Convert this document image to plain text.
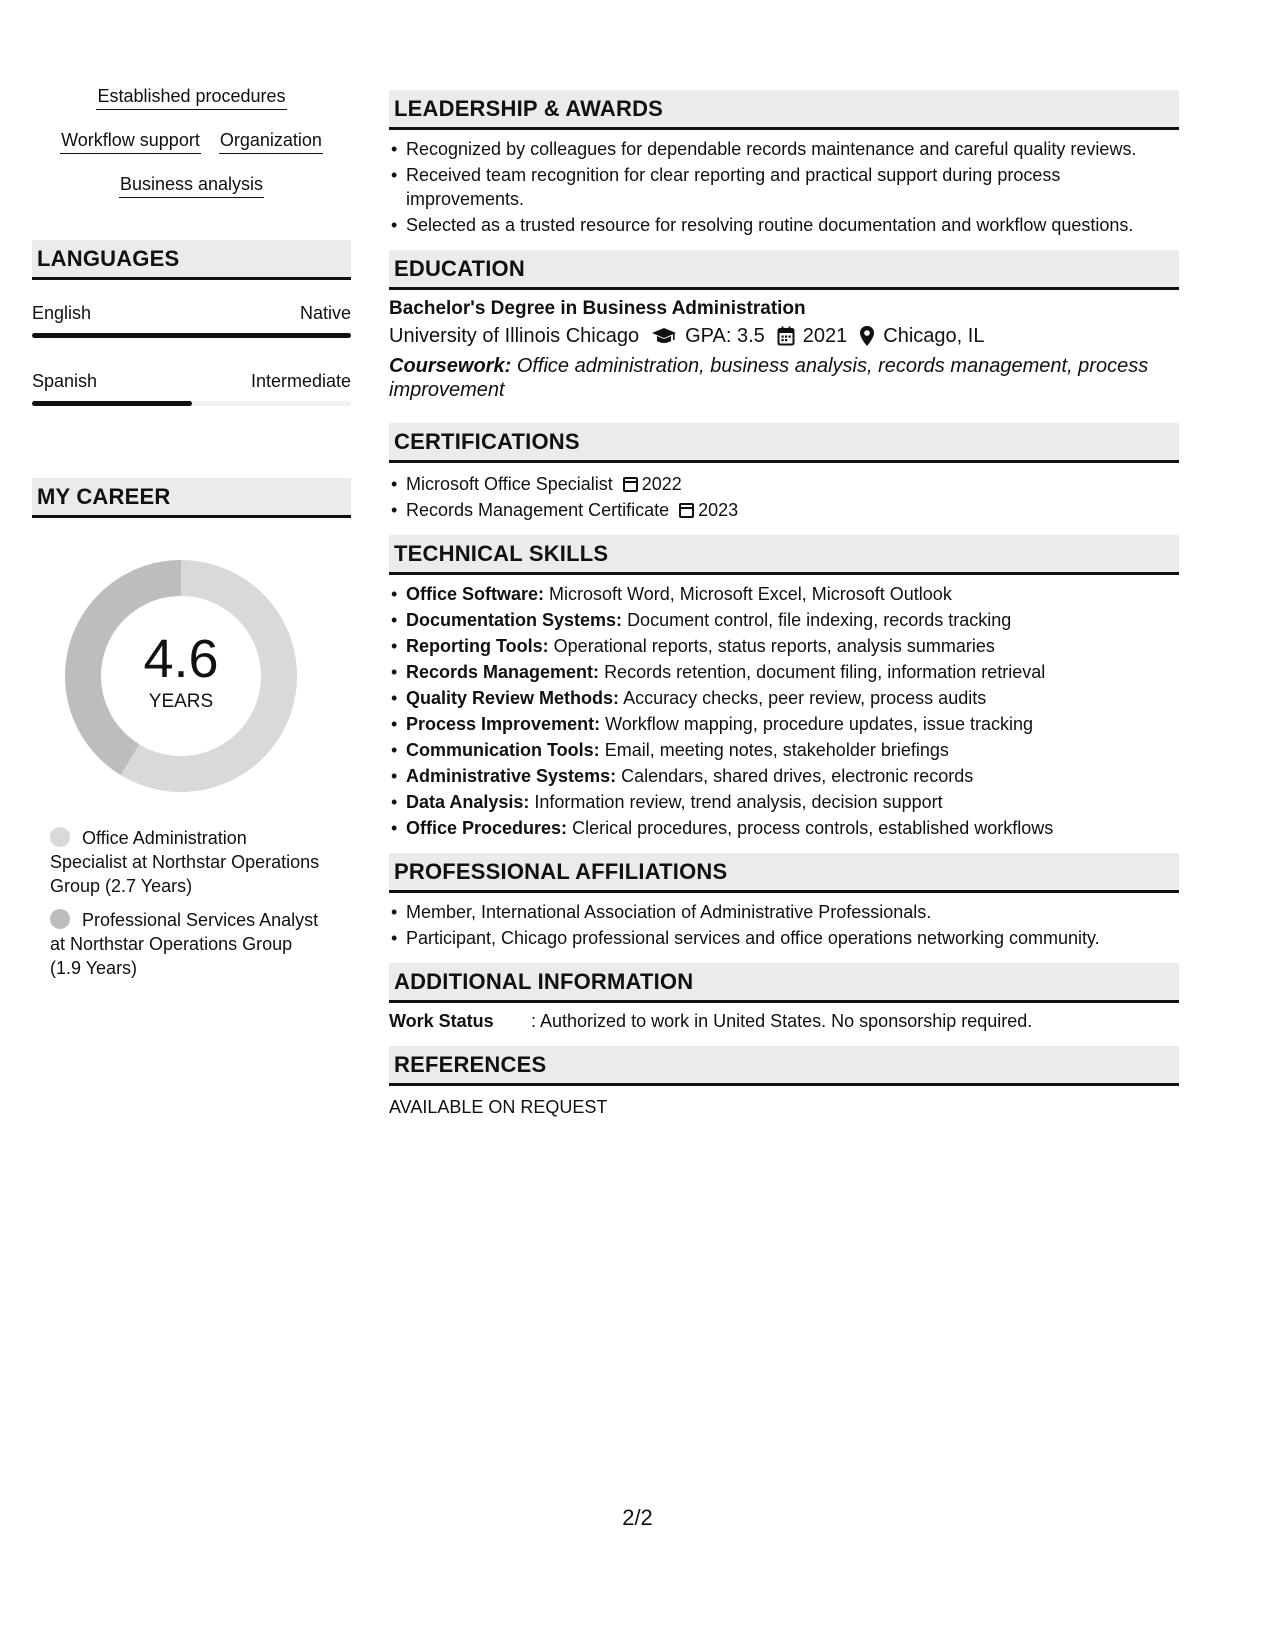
Established procedures
Workflow support Organization
Business analysis
LANGUAGES
English	Native
Spanish	Intermediate
MY CAREER
4.6
YEARS
Office Administration Specialist at Northstar Operations Group (2.7 Years)
Professional Services Analyst at Northstar Operations Group (1.9 Years)
LEADERSHIP & AWARDS
• Recognized by colleagues for dependable records maintenance and careful quality reviews.
• Received team recognition for clear reporting and practical support during process improvements.
• Selected as a trusted resource for resolving routine documentation and workflow questions.
EDUCATION
Bachelor's Degree in Business Administration
University of Illinois Chicago GPA: 3.5 2021 Chicago, IL
Coursework: Office administration, business analysis, records management, process improvement
CERTIFICATIONS
• Microsoft Office Specialist 2022
• Records Management Certificate 2023
TECHNICAL SKILLS
• Office Software: Microsoft Word, Microsoft Excel, Microsoft Outlook
• Documentation Systems: Document control, file indexing, records tracking
• Reporting Tools: Operational reports, status reports, analysis summaries
• Records Management: Records retention, document filing, information retrieval
• Quality Review Methods: Accuracy checks, peer review, process audits
• Process Improvement: Workflow mapping, procedure updates, issue tracking
• Communication Tools: Email, meeting notes, stakeholder briefings
• Administrative Systems: Calendars, shared drives, electronic records
• Data Analysis: Information review, trend analysis, decision support
• Office Procedures: Clerical procedures, process controls, established workflows
PROFESSIONAL AFFILIATIONS
• Member, International Association of Administrative Professionals.
• Participant, Chicago professional services and office operations networking community.
ADDITIONAL INFORMATION
Work Status	: Authorized to work in United States. No sponsorship required.
REFERENCES
AVAILABLE ON REQUEST
2/2
